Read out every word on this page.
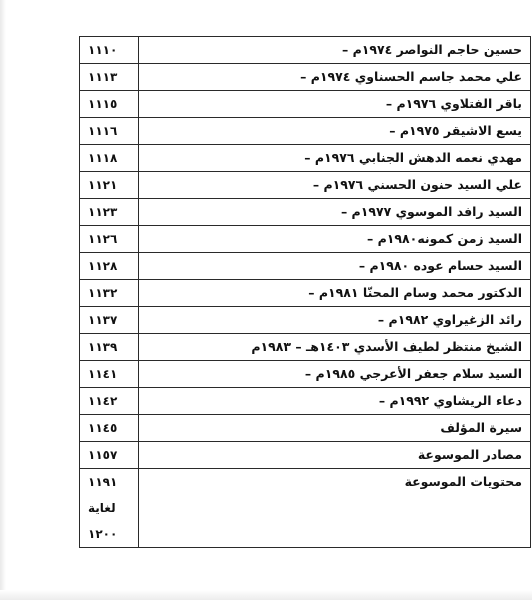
حسين حاجم النواصر ١٩٧٤م –	١١١٠
علي محمد جاسم الحسناوي ١٩٧٤م –	١١١٣
باقر الفتلاوي ١٩٧٦م –	١١١٥
يسع الاشيقر ١٩٧٥م –	١١١٦
مهدي نعمه الدهش الجنابي ١٩٧٦م –	١١١٨
علي السيد حنون الحسني ١٩٧٦م –	١١٢١
السيد رافد الموسوي ١٩٧٧م –	١١٢٣
السيد زمن كمونه١٩٨٠م –	١١٢٦
السيد حسام عوده ١٩٨٠م –	١١٢٨
الدكتور محمد وسام المحنّا ١٩٨١م –	١١٣٢
رائد الزغيراوي ١٩٨٢م –	١١٣٧
الشيخ منتظر لطيف الأسدي ١٤٠٣هـ – ١٩٨٣م	١١٣٩
السيد سلام جعفر الأعرجي ١٩٨٥م –	١١٤١
دعاء الريشاوي ١٩٩٢م –	١١٤٢
سيرة المؤلف	١١٤٥
مصادر الموسوعة	١١٥٧
محتويات الموسوعة	١١٩١
لغاية
١٢٠٠
